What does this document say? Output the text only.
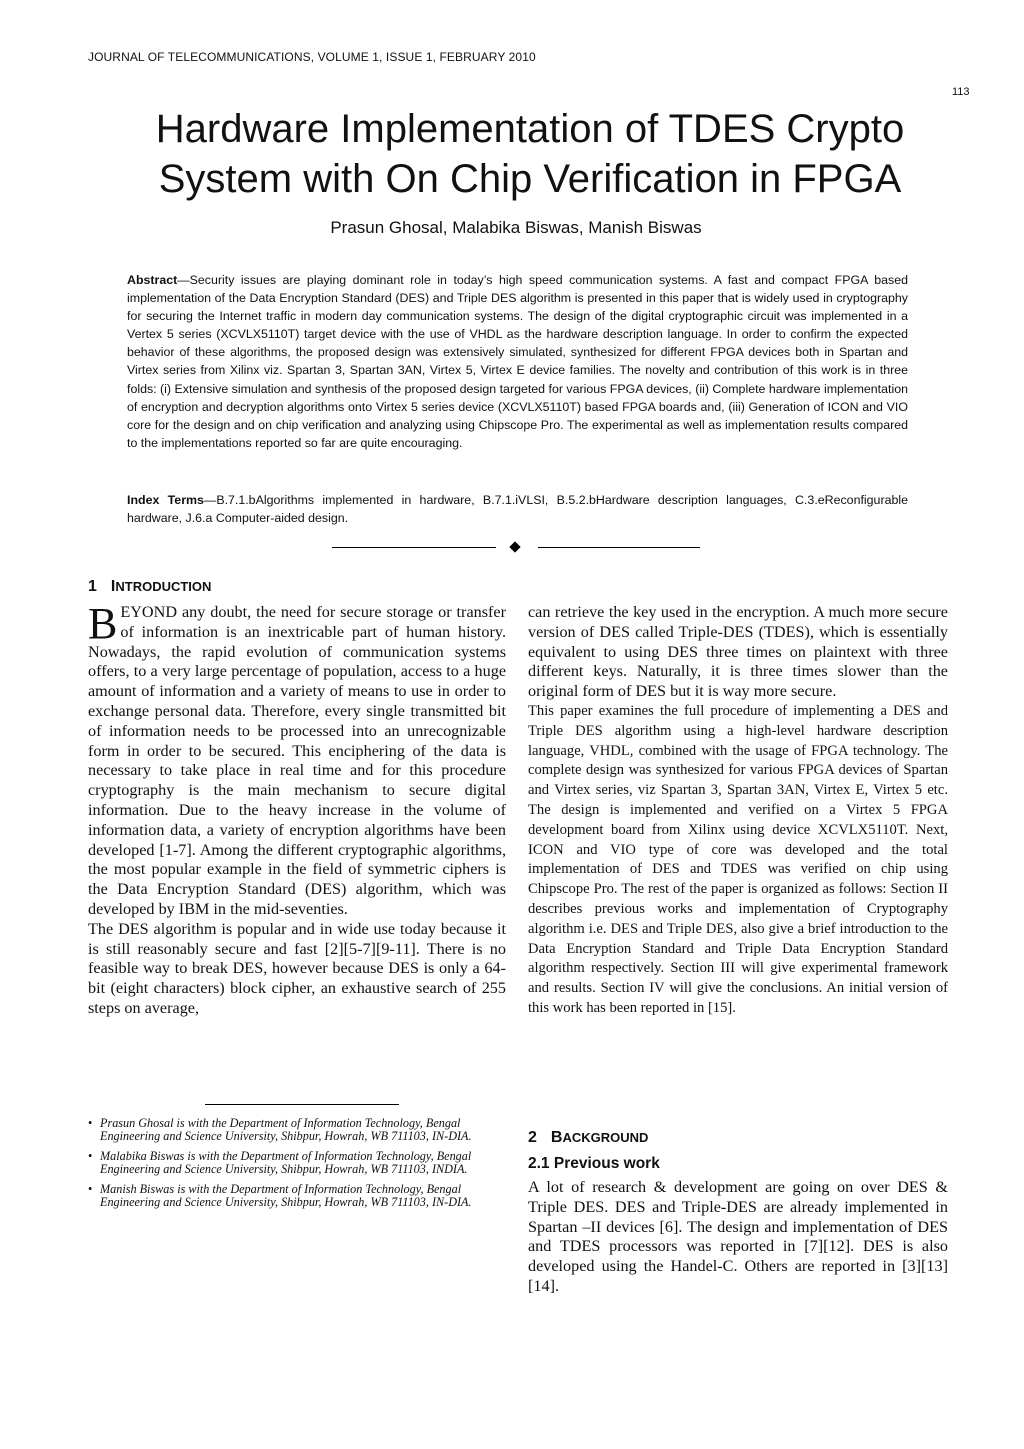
JOURNAL OF TELECOMMUNICATIONS, VOLUME 1, ISSUE 1, FEBRUARY 2010
113
Hardware Implementation of TDES Crypto
System with On Chip Verification in FPGA
Prasun Ghosal, Malabika Biswas, Manish Biswas
Abstract—Security issues are playing dominant role in today’s high speed communication systems. A fast and compact FPGA based implementation of the Data Encryption Standard (DES) and Triple DES algorithm is presented in this paper that is widely used in cryptography for securing the Internet traffic in modern day communication systems. The design of the digital cryptographic circuit was implemented in a Vertex 5 series (XCVLX5110T) target device with the use of VHDL as the hardware description language. In order to confirm the expected behavior of these algorithms, the proposed design was extensively simulated, synthesized for different FPGA devices both in Spartan and Virtex series from Xilinx viz. Spartan 3, Spartan 3AN, Virtex 5, Virtex E device families. The novelty and contribution of this work is in three folds: (i) Extensive simulation and synthesis of the proposed design targeted for various FPGA devices, (ii) Complete hardware implementation of encryption and decryption algorithms onto Virtex 5 series device (XCVLX5110T) based FPGA boards and, (iii) Generation of ICON and VIO core for the design and on chip verification and analyzing using Chipscope Pro. The experimental as well as implementation results compared to the implementations reported so far are quite encouraging.
Index Terms—B.7.1.bAlgorithms implemented in hardware, B.7.1.iVLSI, B.5.2.bHardware description languages, C.3.eReconfigurable hardware, J.6.a Computer-aided design.
1 INTRODUCTION

BEYOND any doubt, the need for secure storage or transfer of information is an inextricable part of human history. Nowadays, the rapid evolution of communication systems offers, to a very large percentage of population, access to a huge amount of information and a variety of means to use in order to exchange personal data. Therefore, every single transmitted bit of information needs to be processed into an unrecognizable form in order to be secured. This enciphering of the data is necessary to take place in real time and for this procedure cryptography is the main mechanism to secure digital information. Due to the heavy increase in the volume of information data, a variety of encryption algorithms have been developed [1-7]. Among the different cryptographic algorithms, the most popular example in the field of symmetric ciphers is the Data Encryption Standard (DES) algorithm, which was developed by IBM in the mid-seventies.

The DES algorithm is popular and in wide use today because it is still reasonably secure and fast [2][5-7][9-11]. There is no feasible way to break DES, however because DES is only a 64-bit (eight characters) block cipher, an exhaustive search of 255 steps on average,

• Prasun Ghosal is with the Department of Information Technology, Bengal Engineering and Science University, Shibpur, Howrah, WB 711103, IN-DIA.
• Malabika Biswas is with the Department of Information Technology, Bengal Engineering and Science University, Shibpur, Howrah, WB 711103, INDIA.
• Manish Biswas is with the Department of Information Technology, Bengal Engineering and Science University, Shibpur, Howrah, WB 711103, IN-DIA.

can retrieve the key used in the encryption. A much more secure version of DES called Triple-DES (TDES), which is essentially equivalent to using DES three times on plaintext with three different keys. Naturally, it is three times slower than the original form of DES but it is way more secure.

This paper examines the full procedure of implementing a DES and Triple DES algorithm using a high-level hardware description language, VHDL, combined with the usage of FPGA technology. The complete design was synthesized for various FPGA devices of Spartan and Virtex series, viz Spartan 3, Spartan 3AN, Virtex E, Virtex 5 etc. The design is implemented and verified on a Virtex 5 FPGA development board from Xilinx using device XCVLX5110T. Next, ICON and VIO type of core was developed and the total implementation of DES and TDES was verified on chip using Chipscope Pro. The rest of the paper is organized as follows: Section II describes previous works and implementation of Cryptography algorithm i.e. DES and Triple DES, also give a brief introduction to the Data Encryption Standard and Triple Data Encryption Standard algorithm respectively. Section III will give experimental framework and results. Section IV will give the conclusions. An initial version of this work has been reported in [15].

2 BACKGROUND
2.1 Previous work

A lot of research & development are going on over DES & Triple DES. DES and Triple-DES are already implemented in Spartan –II devices [6]. The design and implementation of DES and TDES processors was reported in [7][12]. DES is also developed using the Handel-C. Others are reported in [3][13][14].
